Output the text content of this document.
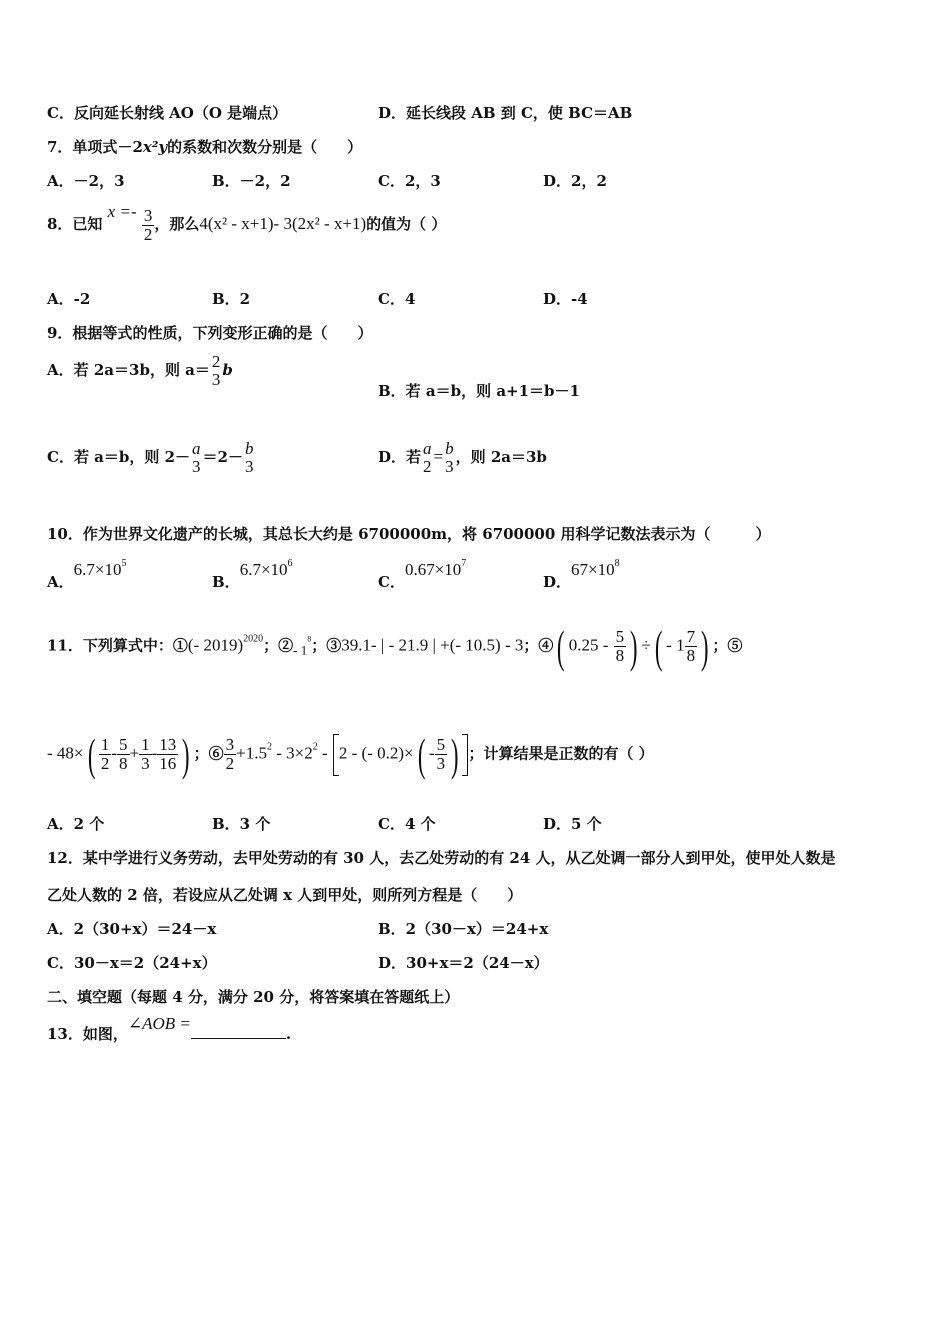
C．反向延长射线 AO（O 是端点）	D．延长线段 AB 到 C，使 BC＝AB
7．单项式－2x²y的系数和次数分别是（　　）
A．－2，3	B．－2，2	C．2，3	D．2，2
8．已知 $x =- \frac{3}{2}$ ，那么4(x² - x+1)- 3(2x² - x+1)的值为（ ）
A．-2	B．2	C．4	D．-4
9．根据等式的性质，下列变形正确的是（　　）
A．若 2a＝3b，则 a＝ 2
3 b
B．若 a＝b，则 a+1＝b－1
C．若 a＝b，则 2－ a
3 ＝2－ b
3	D．若 a
2
= b
3 ，则 2a＝3b
10．作为世界文化遗产的长城，其总长大约是 6700000m，将 6700000 用科学记数法表示为（　　　）
A．$6.7\times 10^5$
B．$6.7\times 10^6$
C．$0.67\times 10^7$
D．$67\times 10^8$
11．下列算式中：①(- 2019)$^{2020}$；②- $1^8$；③39.1- | - 21.9 | +(- 10.5) - 3；④( $0.25 - \frac{5}{8}$ ) ÷( - $1 \frac{7}{8}$ ) ；⑤
- $48\times( \frac{1}{2} - \frac{5}{8} + \frac{1}{3} - \frac{13}{16}$ ) ；⑥ $\frac{3}{2} +1.5^2 - 3\times 2^2 - 2$ - (- $0.2)\times( - \frac{5}{3}$ ) ；计算结果是正数的有（ ）
A．2 个	B．3 个	C．4 个	D．5 个
12．某中学进行义务劳动，去甲处劳动的有 30 人，去乙处劳动的有 24 人，从乙处调一部分人到甲处，使甲处人数是
乙处人数的 2 倍，若设应从乙处调 x 人到甲处，则所列方程是（　　）
A．2（30+x）＝24－x	B．2（30－x）＝24+x
C．30－x＝2（24+x）	D．30+x＝2（24－x）
二、填空题（每题 4 分，满分 20 分，将答案填在答题纸上）
13．如图，∠AOB =.
